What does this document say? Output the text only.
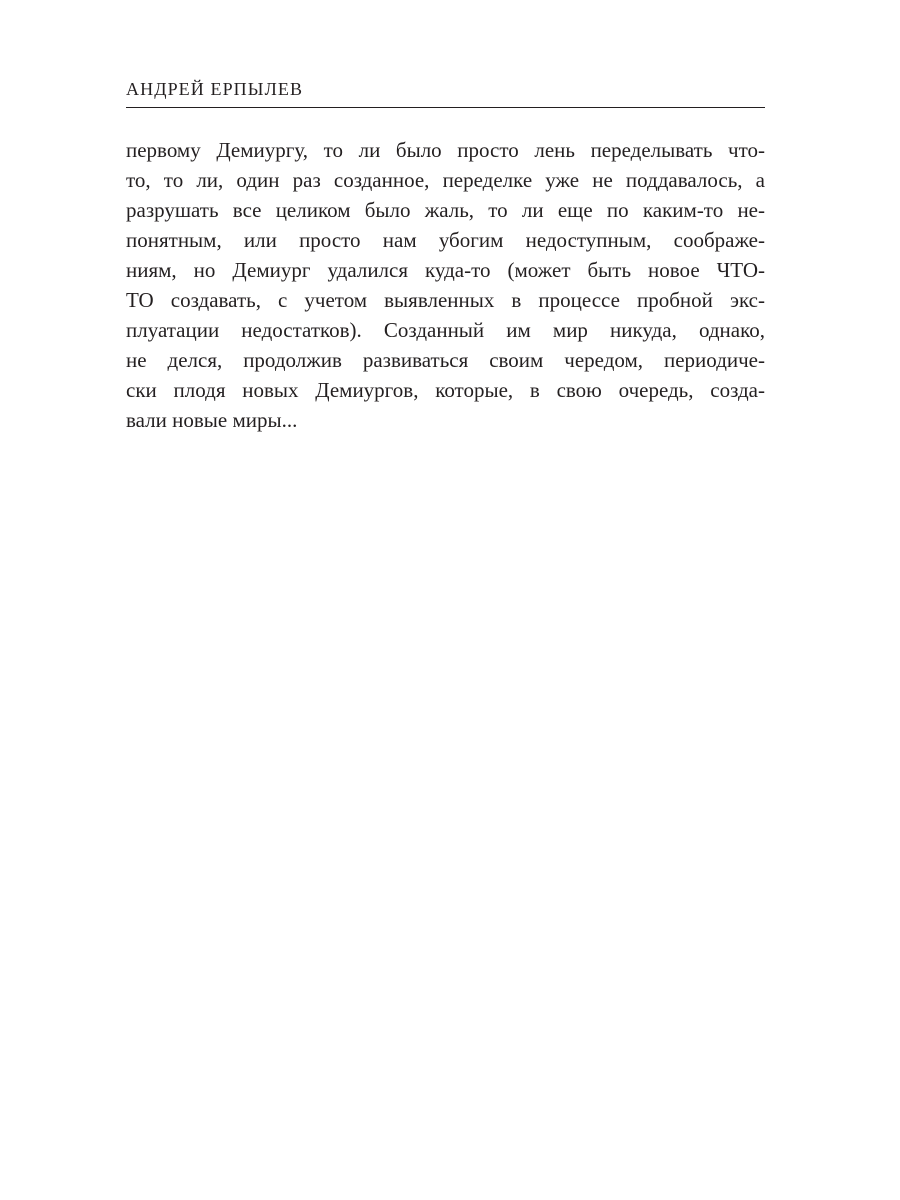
АНДРЕЙ ЕРПЫЛЕВ
первому Демиургу, то ли было просто лень переделывать что-
то, то ли, один раз созданное, переделке уже не поддавалось, а
разрушать все целиком было жаль, то ли еще по каким-то не-
понятным, или просто нам убогим недоступным, соображе-
ниям, но Демиург удалился куда-то (может быть новое ЧТО-
ТО создавать, с учетом выявленных в процессе пробной экс-
плуатации недостатков). Созданный им мир никуда, однако,
не делся, продолжив развиваться своим чередом, периодиче-
ски плодя новых Демиургов, которые, в свою очередь, созда-
вали новые миры...
